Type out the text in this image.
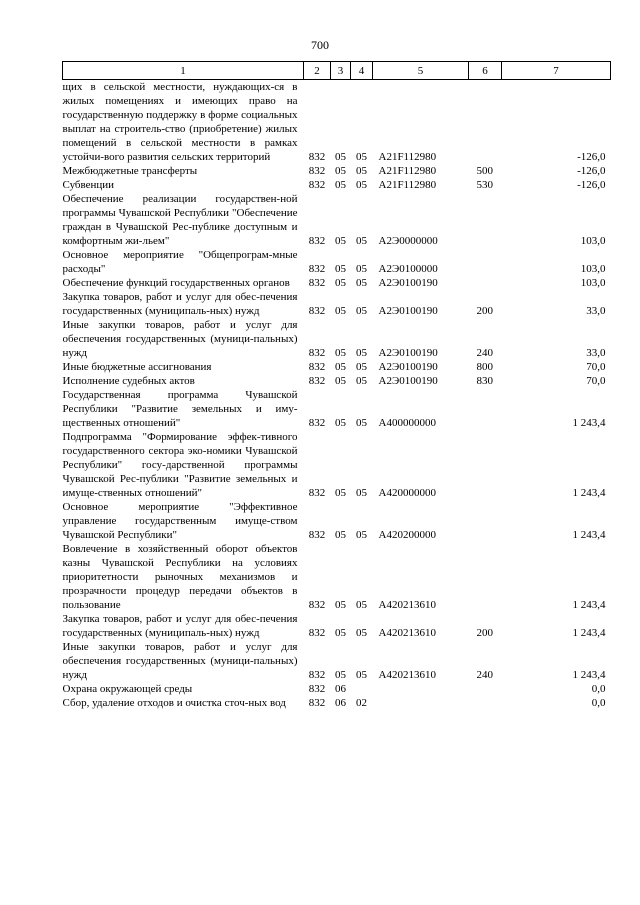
700
1	2	3	4	5	6	7
щих в сельской местности, нуждающих-ся в жилых помещениях и имеющих право на государственную поддержку в форме социальных выплат на строитель-ство (приобретение) жилых помещений в сельской местности в рамках устойчи-вого развития сельских территорий	832	05	05	A21F112980		-126,0
Межбюджетные трансферты	832	05	05	A21F112980	500	-126,0
Субвенции	832	05	05	A21F112980	530	-126,0
Обеспечение реализации государствен-ной программы Чувашской Республики "Обеспечение граждан в Чувашской Рес-публике доступным и комфортным жи-льем"	832	05	05	A2Э0000000		103,0
Основное мероприятие "Общепрограм-мные расходы"	832	05	05	A2Э0100000		103,0
Обеспечение функций государственных органов	832	05	05	A2Э0100190		103,0
Закупка товаров, работ и услуг для обес-печения государственных (муниципаль-ных) нужд	832	05	05	A2Э0100190	200	33,0
Иные закупки товаров, работ и услуг для обеспечения государственных (муници-пальных) нужд	832	05	05	A2Э0100190	240	33,0
Иные бюджетные ассигнования	832	05	05	A2Э0100190	800	70,0
Исполнение судебных актов	832	05	05	A2Э0100190	830	70,0
Государственная программа Чувашской Республики "Развитие земельных и иму-щественных отношений"	832	05	05	A400000000		1 243,4
Подпрограмма "Формирование эффек-тивного государственного сектора эко-номики Чувашской Республики" госу-дарственной программы Чувашской Рес-публики "Развитие земельных и имуще-ственных отношений"	832	05	05	A420000000		1 243,4
Основное мероприятие "Эффективное управление государственным имуще-ством Чувашской Республики"	832	05	05	A420200000		1 243,4
Вовлечение в хозяйственный оборот объектов казны Чувашской Республики на условиях приоритетности рыночных механизмов и прозрачности процедур передачи объектов в пользование	832	05	05	A420213610		1 243,4
Закупка товаров, работ и услуг для обес-печения государственных (муниципаль-ных) нужд	832	05	05	A420213610	200	1 243,4
Иные закупки товаров, работ и услуг для обеспечения государственных (муници-пальных) нужд	832	05	05	A420213610	240	1 243,4
Охрана окружающей среды	832	06				0,0
Сбор, удаление отходов и очистка сточ-ных вод	832	06	02			0,0
